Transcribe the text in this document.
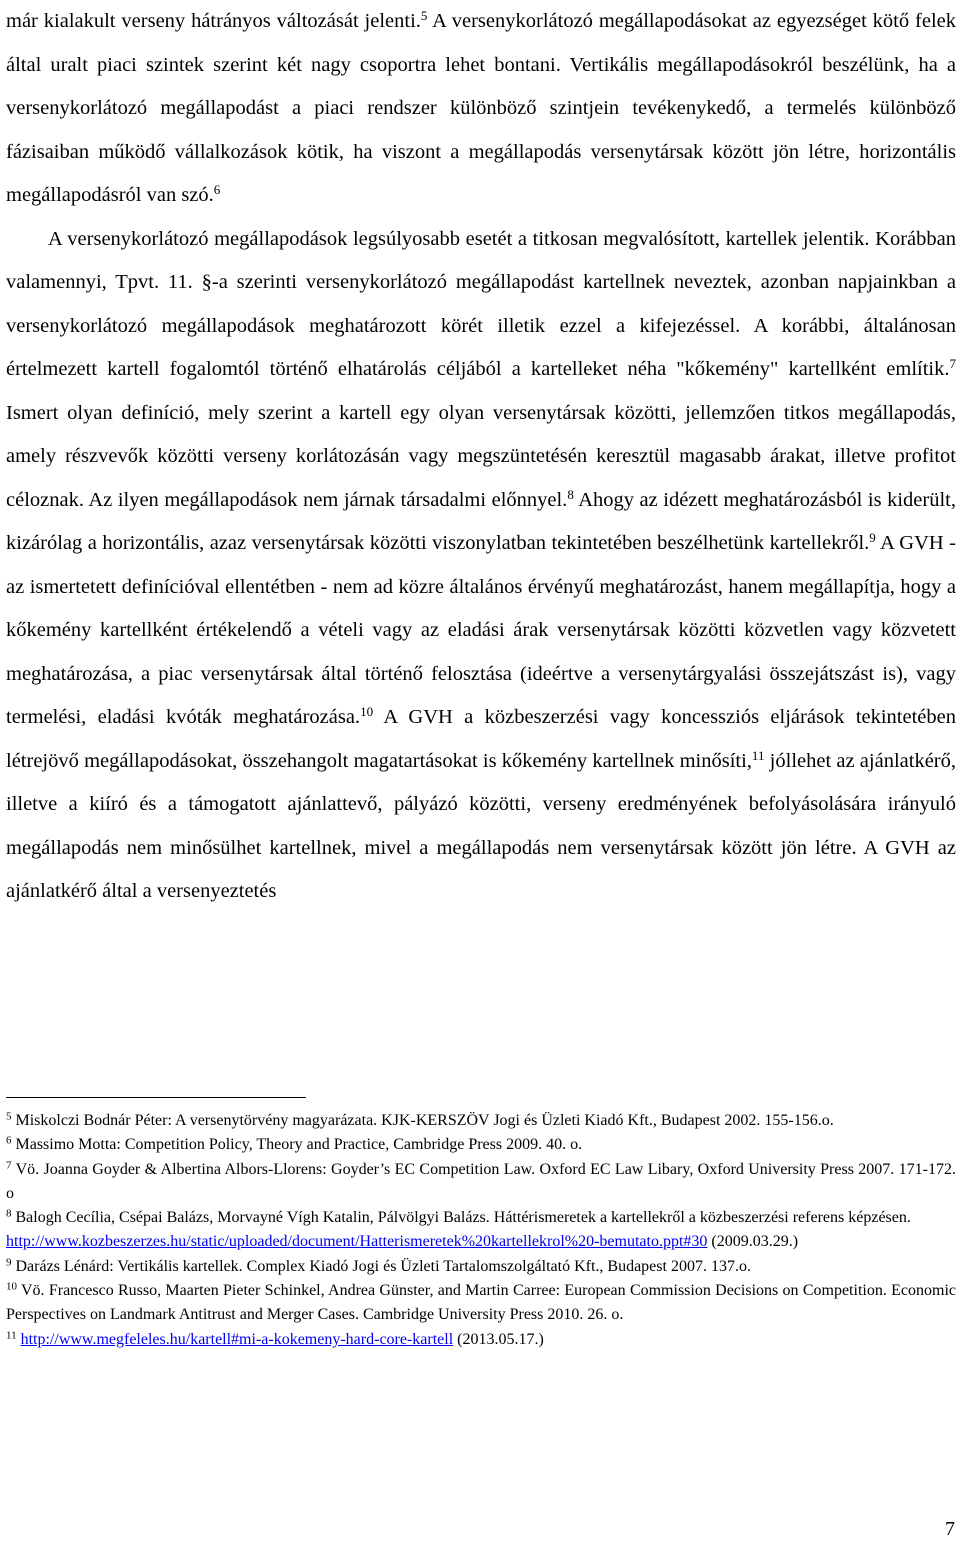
már kialakult verseny hátrányos változását jelenti.$^5$ A versenykorlátozó megállapodásokat az egyezséget kötő felek által uralt piaci szintek szerint két nagy csoportra lehet bontani. Vertikális megállapodásokról beszélünk, ha a versenykorlátozó megállapodást a piaci rendszer különböző szintjein tevékenykedő, a termelés különböző fázisaiban működő vállalkozások kötik, ha viszont a megállapodás versenytársak között jön létre, horizontális megállapodásról van szó.$^6$

A versenykorlátozó megállapodások legsúlyosabb esetét a titkosan megvalósított, kartellek jelentik. Korábban valamennyi, Tpvt. 11. §-a szerinti versenykorlátozó megállapodást kartellnek neveztek, azonban napjainkban a versenykorlátozó megállapodások meghatározott körét illetik ezzel a kifejezéssel. A korábbi, általánosan értelmezett kartell fogalomtól történő elhatárolás céljából a kartelleket néha "kőkemény" kartellként említik.$^7$ Ismert olyan definíció, mely szerint a kartell egy olyan versenytársak közötti, jellemzően titkos megállapodás, amely részvevők közötti verseny korlátozásán vagy megszüntetésén keresztül magasabb árakat, illetve profitot céloznak. Az ilyen megállapodások nem járnak társadalmi előnnyel.$^8$ Ahogy az idézett meghatározásból is kiderült, kizárólag a horizontális, azaz versenytársak közötti viszonylatban tekintetében beszélhetünk kartellekről.$^9$ A GVH - az ismertetett definícióval ellentétben - nem ad közre általános érvényű meghatározást, hanem megállapítja, hogy a kőkemény kartellként értékelendő a vételi vagy az eladási árak versenytársak közötti közvetlen vagy közvetett meghatározása, a piac versenytársak által történő felosztása (ideértve a versenytárgyalási összejátszást is), vagy termelési, eladási kvóták meghatározása.$^{10}$ A GVH a közbeszerzési vagy koncessziós eljárások tekintetében létrejövő megállapodásokat, összehangolt magatartásokat is kőkemény kartellnek minősíti,$^{11}$ jóllehet az ajánlatkérő, illetve a kiíró és a támogatott ajánlattevő, pályázó közötti, verseny eredményének befolyásolására irányuló megállapodás nem minősülhet kartellnek, mivel a megállapodás nem versenytársak között jön létre. A GVH az ajánlatkérő által a versenyeztetés

$^5$ Miskolczi Bodnár Péter: A versenytörvény magyarázata. KJK-KERSZÖV Jogi és Üzleti Kiadó Kft., Budapest 2002. 155-156.o.

$^6$ Massimo Motta: Competition Policy, Theory and Practice, Cambridge Press 2009. 40. o.

$^7$ Vö. Joanna Goyder & Albertina Albors-Llorens: Goyder’s EC Competition Law. Oxford EC Law Libary, Oxford University Press 2007. 171-172. o

$^8$ Balogh Cecília, Csépai Balázs, Morvayné Vígh Katalin, Pálvölgyi Balázs. Háttérismeretek a kartellekről a közbeszerzési referens képzésen.
http://www.kozbeszerzes.hu/static/uploaded/document/Hatterismeretek%20kartellekrol%20-bemutato.ppt#30 (2009.03.29.)

$^9$ Darázs Lénárd: Vertikális kartellek. Complex Kiadó Jogi és Üzleti Tartalomszolgáltató Kft., Budapest 2007. 137.o.

$^{10}$ Vö. Francesco Russo, Maarten Pieter Schinkel, Andrea Günster, and Martin Carree: European Commission Decisions on Competition. Economic Perspectives on Landmark Antitrust and Merger Cases. Cambridge University Press 2010. 26. o.

$^{11}$ http://www.megfeleles.hu/kartell#mi-a-kokemeny-hard-core-kartell (2013.05.17.)

7
